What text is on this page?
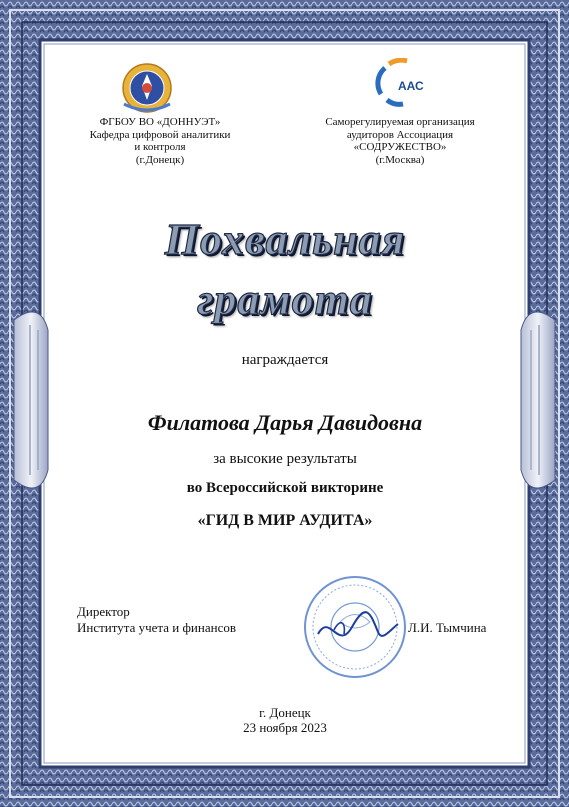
ААС
ФГБОУ ВО «ДОННУЭТ»
Кафедра цифровой аналитики
и контроля
(г.Донецк)
Саморегулируемая организация
аудиторов Ассоциация
«СОДРУЖЕСТВО»
(г.Москва)
Похвальная
грамота
награждается
Филатова Дарья Давидовна
за высокие результаты
во Всероссийской викторине
«ГИД В МИР АУДИТА»
Директор
Института учета и финансов	Л.И. Тымчина
г. Донецк
23 ноября 2023
